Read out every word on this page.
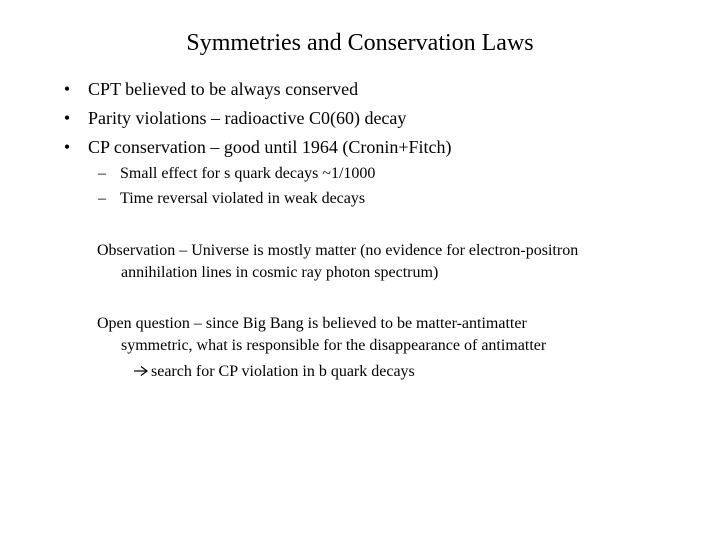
Symmetries and Conservation Laws
• CPT believed to be always conserved
• Parity violations – radioactive C0(60) decay
• CP conservation – good until 1964 (Cronin+Fitch)
– Small effect for s quark decays ~1/1000
– Time reversal violated in weak decays
Observation – Universe is mostly matter (no evidence for electron-positron
annihilation lines in cosmic ray photon spectrum)
Open question – since Big Bang is believed to be matter-antimatter
symmetric, what is responsible for the disappearance of antimatter
search for CP violation in b quark decays
